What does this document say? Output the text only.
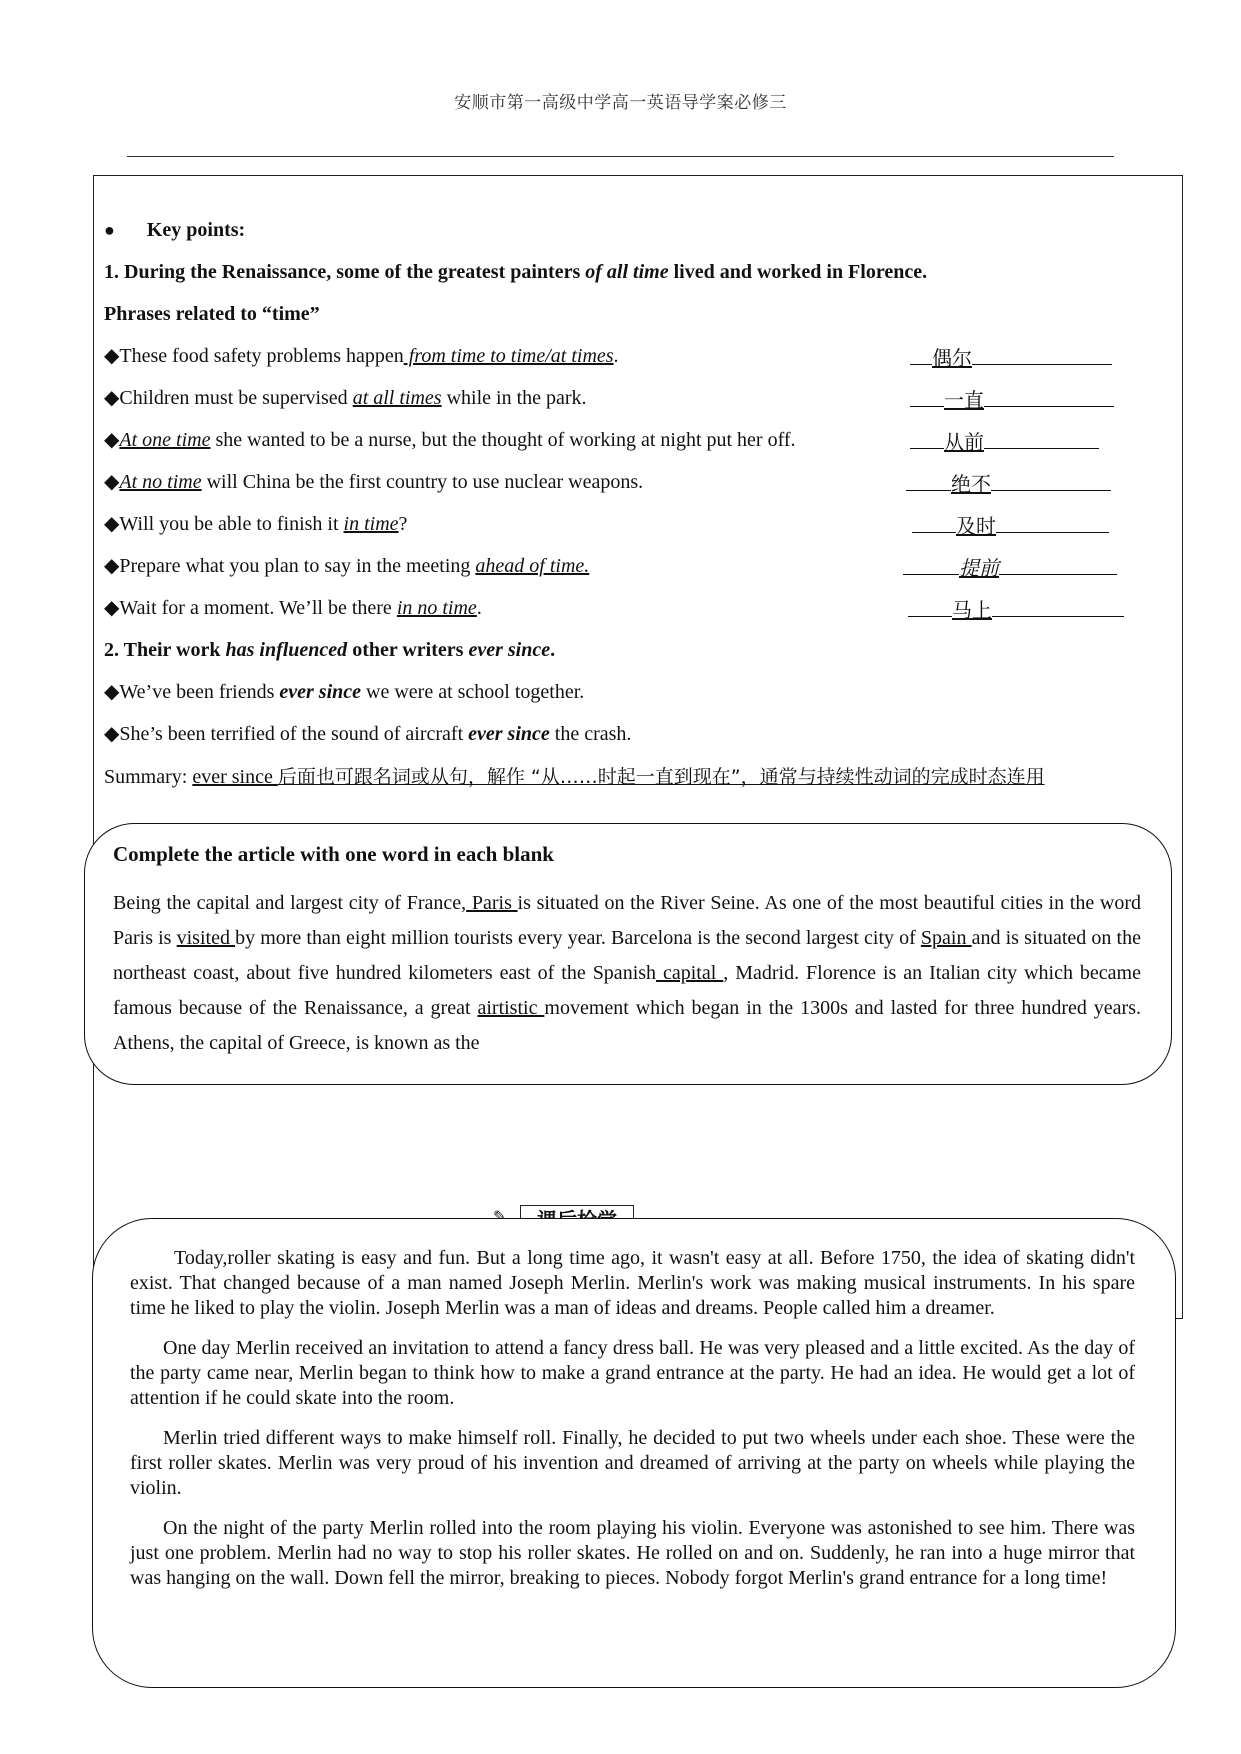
安顺市第一高级中学高一英语导学案必修三
● Key points:
1. During the Renaissance, some of the greatest painters of all time lived and worked in Florence.
Phrases related to “time”
◆These food safety problems happen from time to time/at times.	偶尔
◆Children must be supervised at all times while in the park.	一直
◆At one time she wanted to be a nurse, but the thought of working at night put her off.	从前
◆At no time will China be the first country to use nuclear weapons.	绝不
◆Will you be able to finish it in time?	及时
◆Prepare what you plan to say in the meeting ahead of time.	提前
◆Wait for a moment. We’ll be there in no time.	马上
2. Their work has influenced other writers ever since.
◆We’ve been friends ever since we were at school together.
◆She’s been terrified of the sound of aircraft ever since the crash.
Summary: ever since 后面也可跟名词或从句，解作 “从……时起一直到现在”，通常与持续性动词的完成时态连用
Complete the article with one word in each blank
Being the capital and largest city of France, Paris is situated on the River Seine. As one of the most beautiful cities in the word Paris is visited by more than eight million tourists every year. Barcelona is the second largest city of Spain and is situated on the northeast coast, about five hundred kilometers east of the Spanish capital , Madrid. Florence is an Italian city which became famous because of the Renaissance, a great airtistic movement which began in the 1300s and lasted for three hundred years. Athens, the capital of Greece, is known as the

Today,roller skating is easy and fun. But a long time ago, it wasn't easy at all. Before 1750, the idea of skating didn't exist. That changed because of a man named Joseph Merlin. Merlin's work was making musical instruments. In his spare time he liked to play the violin. Joseph Merlin was a man of ideas and dreams. People called him a dreamer.

One day Merlin received an invitation to attend a fancy dress ball. He was very pleased and a little excited. As the day of the party came near, Merlin began to think how to make a grand entrance at the party. He had an idea. He would get a lot of attention if he could skate into the room.

Merlin tried different ways to make himself roll. Finally, he decided to put two wheels under each shoe. These were the first roller skates. Merlin was very proud of his invention and dreamed of arriving at the party on wheels while playing the violin.

On the night of the party Merlin rolled into the room playing his violin. Everyone was astonished to see him. There was just one problem. Merlin had no way to stop his roller skates. He rolled on and on. Suddenly, he ran into a huge mirror that was hanging on the wall. Down fell the mirror, breaking to pieces. Nobody forgot Merlin's grand entrance for a long time!
